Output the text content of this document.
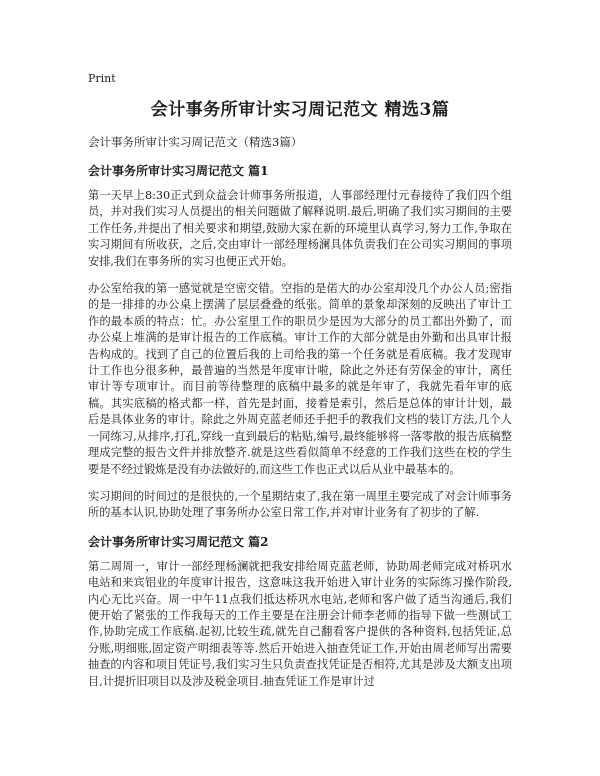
Print
会计事务所审计实习周记范文 精选3篇
会计事务所审计实习周记范文（精选3篇）
会计事务所审计实习周记范文 篇1

第一天早上8:30正式到众益会计师事务所报道，人事部经理付元春接待了我们四个组员，并对我们实习人员提出的相关问题做了解释说明.最后,明确了我们实习期间的主要工作任务,并提出了相关要求和期望,鼓励大家在新的环境里认真学习,努力工作,争取在实习期间有所收获，之后,交由审计一部经理杨澜具体负责我们在公司实习期间的事项安排,我们在事务所的实习也便正式开始。

办公室给我的第一感觉就是空密交错。空指的是偌大的办公室却没几个办公人员;密指的是一排排的办公桌上摆满了层层叠叠的纸张。简单的景象却深刻的反映出了审计工作的最本质的特点：忙。办公室里工作的职员少是因为大部分的员工都出外勤了，而办公桌上堆满的是审计报告的工作底稿。审计工作的大部分就是由外勤和出具审计报告构成的。找到了自己的位置后我的上司给我的第一个任务就是看底稿。我才发现审计工作也分很多种，最普遍的当然是年度审计啦，除此之外还有劳保金的审计，离任审计等专项审计。而目前等待整理的底稿中最多的就是年审了，我就先看年审的底稿。其实底稿的格式都一样，首先是封面，接着是索引，然后是总体的审计计划，最后是具体业务的审计。除此之外周克蓝老师还手把手的教我们文档的装订方法,几个人一同练习,从排序,打孔,穿线一直到最后的粘贴,编号,最终能够将一落零散的报告底稿整理成完整的报告文件并排放整齐.就是这些看似简单不经意的工作我们这些在校的学生要是不经过锻炼是没有办法做好的,而这些工作也正式以后从业中最基本的。

实习期间的时间过的是很快的,一个星期结束了,我在第一周里主要完成了对会计师事务所的基本认识,协助处理了事务所办公室日常工作,并对审计业务有了初步的了解.

会计事务所审计实习周记范文 篇2

第二周周一，审计一部经理杨澜就把我安排给周克蓝老师，协助周老师完成对桥巩水电站和来宾铝业的年度审计报告，这意味这我开始进入审计业务的实际练习操作阶段,内心无比兴奋。周一中午11点我们抵达桥巩水电站,老师和客户做了适当沟通后,我们便开始了紧张的工作我每天的工作主要是在注册会计师李老师的指导下做一些测试工作,协助完成工作底稿.起初,比较生疏,就先自己翻看客户提供的各种资料,包括凭证,总分账,明细账,固定资产明细表等等.然后开始进入抽查凭证工作,开始由周老师写出需要抽查的内容和项目凭证号,我们实习生只负责查找凭证是否相符,尤其是涉及大额支出项目,计提折旧项目以及涉及税金项目.抽查凭证工作是审计过
